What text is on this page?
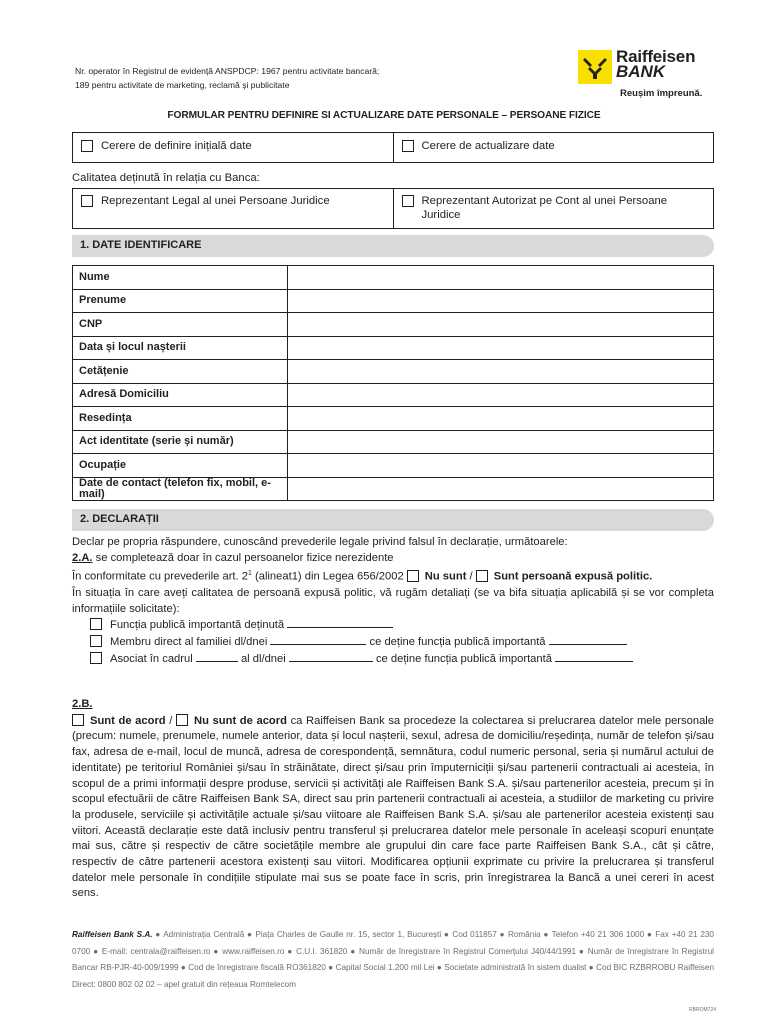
Nr. operator în Registrul de evidență ANSPDCP: 1967 pentru activitate bancară;
189 pentru activitate de marketing, reclamă și publicitate
Raiffeisen
BANK
Reușim împreună.
FORMULAR PENTRU DEFINIRE SI ACTUALIZARE DATE PERSONALE – PERSOANE FIZICE
Cerere de definire inițială date	Cerere de actualizare date
Calitatea deținută în relația cu Banca:
Reprezentant Legal al unei Persoane Juridice	Reprezentant Autorizat pe Cont al unei Persoane Juridice
1. DATE IDENTIFICARE
Nume	
Prenume	
CNP	
Data și locul nașterii	
Cetățenie	
Adresă Domiciliu	
Resedința	
Act identitate (serie și număr)	
Ocupație	
Date de contact (telefon fix, mobil, e-mail)	
2. DECLARAȚII

Declar pe propria răspundere, cunoscând prevederile legale privind falsul în declarație, următoarele:

2.A. se completează doar în cazul persoanelor fizice nerezidente

În conformitate cu prevederile art. $2^1$ (alineat1) din Legea 656/2002 Nu sunt / Sunt persoană expusă politic.

În situația în care aveți calitatea de persoană expusă politic, vă rugăm detaliați (se va bifa situația aplicabilă și se vor completa informațiile solicitate):

Funcția publică importantă deținută

Membru direct al familiei dl/dnei	ce deține funcția publică importantă

Asociat în cadrul	al dl/dnei	ce deține funcția publică importantă

2.B.

Sunt de acord / Nu sunt de acord ca Raiffeisen Bank sa procedeze la colectarea si prelucrarea datelor mele personale (precum: numele, prenumele, numele anterior, data și locul nașterii, sexul, adresa de domiciliu/reședința, număr de telefon și/sau fax, adresa de e-mail, locul de muncă, adresa de corespondență, semnătura, codul numeric personal, seria și numărul actului de identitate) pe teritoriul României și/sau în străinătate, direct și/sau prin împuterniciții și/sau partenerii contractuali ai acesteia, în scopul de a primi informații despre produse, servicii și activități ale Raiffeisen Bank S.A. și/sau partenerilor acesteia, precum și în scopul efectuării de către Raiffeisen Bank SA, direct sau prin partenerii contractuali ai acesteia, a studiilor de marketing cu privire la produsele, serviciile și activitățile actuale și/sau viitoare ale Raiffeisen Bank S.A. și/sau ale partenerilor acesteia existenți sau viitori. Această declarație este dată inclusiv pentru transferul și prelucrarea datelor mele personale în aceleași scopuri enunțate mai sus, către și respectiv de către societățile membre ale grupului din care face parte Raiffeisen Bank S.A., cât și către, respectiv de către partenerii acestora existenți sau viitori. Modificarea opțiunii exprimate cu privire la prelucrarea și transferul datelor mele personale în condițiile stipulate mai sus se poate face în scris, prin înregistrarea la Bancă a unei cereri în acest sens.

Raiffeisen Bank S.A. ● Administrația Centrală ● Piața Charles de Gaulle nr. 15, sector 1, București ● Cod 011857 ● România ● Telefon +40 21 306 1000 ● Fax +40 21 230 0700 ● E-mail: centrala@raiffeisen.ro ● www.raiffeisen.ro ● C.U.I. 361820 ● Număr de înregistrare în Registrul Comerțului J40/44/1991 ● Număr de înregistrare în Registrul Bancar RB-PJR-40-009/1999 ● Cod de înregistrare fiscală RO361820 ● Capital Social 1.200 mil Lei ● Societate administrată în sistem dualist ● Cod BIC RZBRROBU Raiffeisen Direct: 0800 802 02 02 – apel gratuit din rețeaua Romtelecom
RBROM724
